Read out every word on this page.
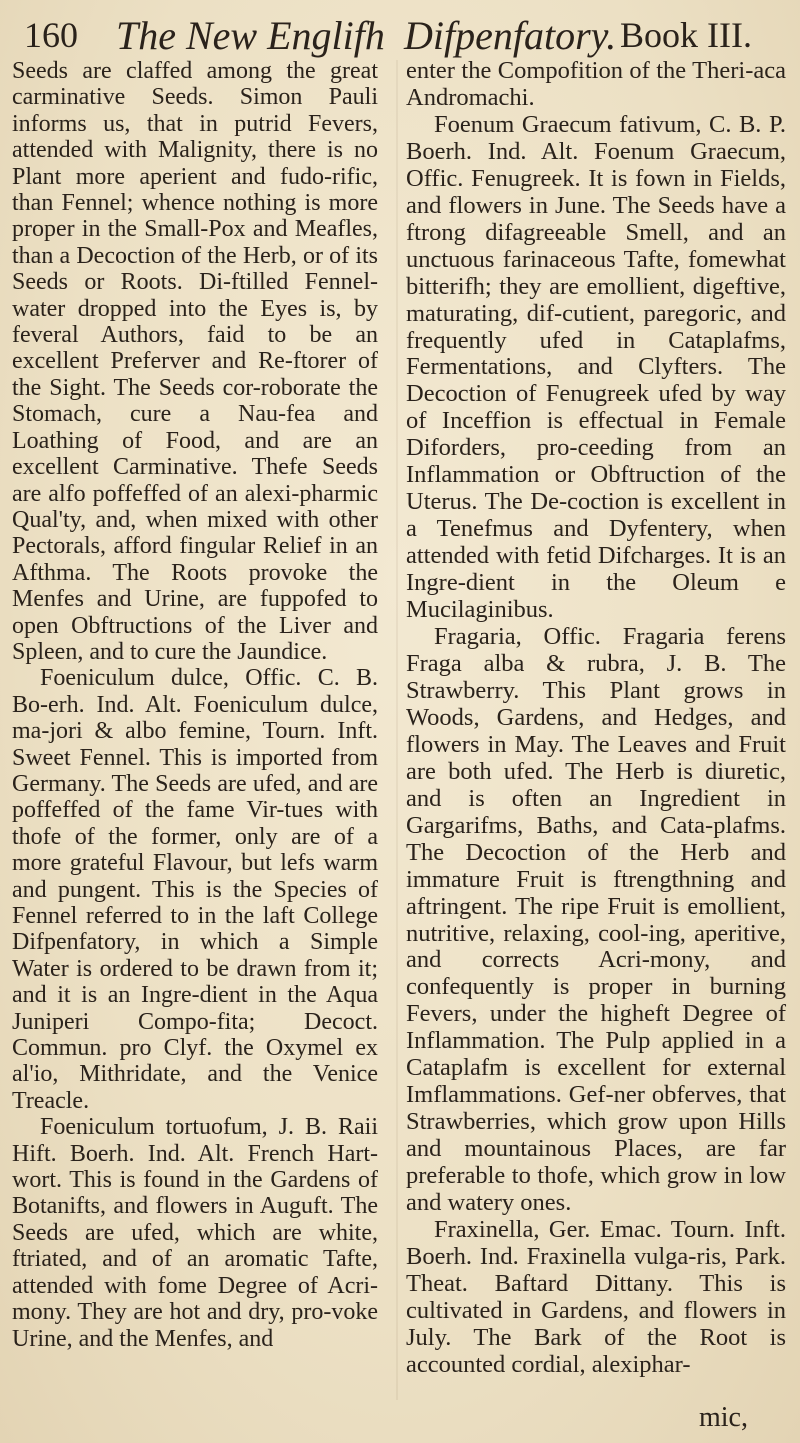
160 The New Englifh Difpenfatory. Book III.

Seeds are claffed among the great carminative Seeds. Simon Pauli informs us, that in putrid Fevers, attended with Malignity, there is no Plant more aperient and fudo-rific, than Fennel; whence nothing is more proper in the Small-Pox and Meafles, than a Decoction of the Herb, or of its Seeds or Roots. Di-ftilled Fennel-water dropped into the Eyes is, by feveral Authors, faid to be an excellent Preferver and Re-ftorer of the Sight. The Seeds cor-roborate the Stomach, cure a Nau-fea and Loathing of Food, and are an excellent Carminative. Thefe Seeds are alfo poffeffed of an alexi-pharmic Qual'ty, and, when mixed with other Pectorals, afford fingular Relief in an Afthma. The Roots provoke the Menfes and Urine, are fuppofed to open Obftructions of the Liver and Spleen, and to cure the Jaundice.

Foeniculum dulce, Offic. C. B. Bo-erh. Ind. Alt. Foeniculum dulce, ma-jori & albo femine, Tourn. Inft. Sweet Fennel. This is imported from Germany. The Seeds are ufed, and are poffeffed of the fame Vir-tues with thofe of the former, only are of a more grateful Flavour, but lefs warm and pungent. This is the Species of Fennel referred to in the laft College Difpenfatory, in which a Simple Water is ordered to be drawn from it; and it is an Ingre-dient in the Aqua Juniperi Compo-fita; Decoct. Commun. pro Clyf. the Oxymel ex al'io, Mithridate, and the Venice Treacle.

Foeniculum tortuofum, J. B. Raii Hift. Boerh. Ind. Alt. French Hart-wort. This is found in the Gardens of Botanifts, and flowers in Auguft. The Seeds are ufed, which are white, ftriated, and of an aromatic Tafte, attended with fome Degree of Acri-mony. They are hot and dry, pro-voke Urine, and the Menfes, and

enter the Compofition of the Theri-aca Andromachi.

Foenum Graecum fativum, C. B. P. Boerh. Ind. Alt. Foenum Graecum, Offic. Fenugreek. It is fown in Fields, and flowers in June. The Seeds have a ftrong difagreeable Smell, and an unctuous farinaceous Tafte, fomewhat bitterifh; they are emollient, digeftive, maturating, dif-cutient, paregoric, and frequently ufed in Cataplafms, Fermentations, and Clyfters. The Decoction of Fenugreek ufed by way of Inceffion is effectual in Female Diforders, pro-ceeding from an Inflammation or Obftruction of the Uterus. The De-coction is excellent in a Tenefmus and Dyfentery, when attended with fetid Difcharges. It is an Ingre-dient in the Oleum e Mucilaginibus.

Fragaria, Offic. Fragaria ferens Fraga alba & rubra, J. B. The Strawberry. This Plant grows in Woods, Gardens, and Hedges, and flowers in May. The Leaves and Fruit are both ufed. The Herb is diuretic, and is often an Ingredient in Gargarifms, Baths, and Cata-plafms. The Decoction of the Herb and immature Fruit is ftrengthning and aftringent. The ripe Fruit is emollient, nutritive, relaxing, cool-ing, aperitive, and corrects Acri-mony, and confequently is proper in burning Fevers, under the higheft Degree of Inflammation. The Pulp applied in a Cataplafm is excellent for external Imflammations. Gef-ner obferves, that Strawberries, which grow upon Hills and mountainous Places, are far preferable to thofe, which grow in low and watery ones.

Fraxinella, Ger. Emac. Tourn. Inft. Boerh. Ind. Fraxinella vulga-ris, Park. Theat. Baftard Dittany. This is cultivated in Gardens, and flowers in July. The Bark of the Root is accounted cordial, alexiphar-

mic,
